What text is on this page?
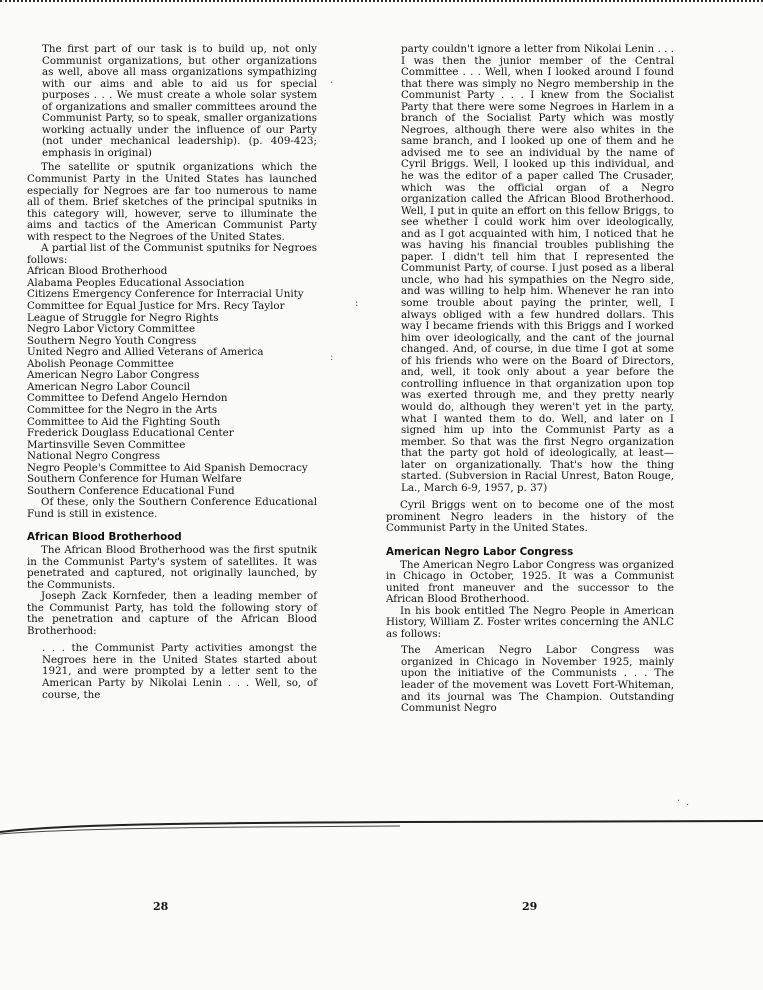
The first part of our task is to build up, not only Communist organizations, but other organizations as well, above all mass organizations sympathizing with our aims and able to aid us for special purposes . . . We must create a whole solar system of organizations and smaller committees around the Communist Party, so to speak, smaller organizations working actually under the influence of our Party (not under mechanical leadership). (p. 409-423; emphasis in original)

The satellite or sputnik organizations which the Communist Party in the United States has launched especially for Negroes are far too numerous to name all of them. Brief sketches of the principal sputniks in this category will, however, serve to illuminate the aims and tactics of the American Communist Party with respect to the Negroes of the United States.

A partial list of the Communist sputniks for Negroes follows:

African Blood Brotherhood
Alabama Peoples Educational Association
Citizens Emergency Conference for Interracial Unity
Committee for Equal Justice for Mrs. Recy Taylor
League of Struggle for Negro Rights
Negro Labor Victory Committee
Southern Negro Youth Congress
United Negro and Allied Veterans of America
Abolish Peonage Committee
American Negro Labor Congress
American Negro Labor Council
Committee to Defend Angelo Herndon
Committee for the Negro in the Arts
Committee to Aid the Fighting South
Frederick Douglass Educational Center
Martinsville Seven Committee
National Negro Congress
Negro People's Committee to Aid Spanish Democracy
Southern Conference for Human Welfare
Southern Conference Educational Fund

Of these, only the Southern Conference Educational Fund is still in existence.

African Blood Brotherhood

The African Blood Brotherhood was the first sputnik in the Communist Party's system of satellites. It was penetrated and captured, not originally launched, by the Communists.

Joseph Zack Kornfeder, then a leading member of the Communist Party, has told the following story of the penetration and capture of the African Blood Brotherhood:

. . . the Communist Party activities amongst the Negroes here in the United States started about 1921, and were prompted by a letter sent to the American Party by Nikolai Lenin . . . Well, so, of course, the

party couldn't ignore a letter from Nikolai Lenin . . . I was then the junior member of the Central Committee . . . Well, when I looked around I found that there was simply no Negro membership in the Communist Party . . . I knew from the Socialist Party that there were some Negroes in Harlem in a branch of the Socialist Party which was mostly Negroes, although there were also whites in the same branch, and I looked up one of them and he advised me to see an individual by the name of Cyril Briggs. Well, I looked up this individual, and he was the editor of a paper called The Crusader, which was the official organ of a Negro organization called the African Blood Brotherhood. Well, I put in quite an effort on this fellow Briggs, to see whether I could work him over ideologically, and as I got acquainted with him, I noticed that he was having his financial troubles publishing the paper. I didn't tell him that I represented the Communist Party, of course. I just posed as a liberal uncle, who had his sympathies on the Negro side, and was willing to help him. Whenever he ran into some trouble about paying the printer, well, I always obliged with a few hundred dollars. This way I became friends with this Briggs and I worked him over ideologically, and the cant of the journal changed. And, of course, in due time I got at some of his friends who were on the Board of Directors, and, well, it took only about a year before the controlling influence in that organization upon top was exerted through me, and they pretty nearly would do, although they weren't yet in the party, what I wanted them to do. Well, and later on I signed him up into the Communist Party as a member. So that was the first Negro organization that the party got hold of ideologically, at least—later on organizationally. That's how the thing started. (Subversion in Racial Unrest, Baton Rouge, La., March 6-9, 1957, p. 37)

Cyril Briggs went on to become one of the most prominent Negro leaders in the history of the Communist Party in the United States.

American Negro Labor Congress

The American Negro Labor Congress was organized in Chicago in October, 1925. It was a Communist united front maneuver and the successor to the African Blood Brotherhood.

In his book entitled The Negro People in American History, William Z. Foster writes concerning the ANLC as follows:

The American Negro Labor Congress was organized in Chicago in November 1925, mainly upon the initiative of the Communists . . . The leader of the movement was Lovett Fort-Whiteman, and its journal was The Champion. Outstanding Communist Negro

28	29
.
:
:
.
·
